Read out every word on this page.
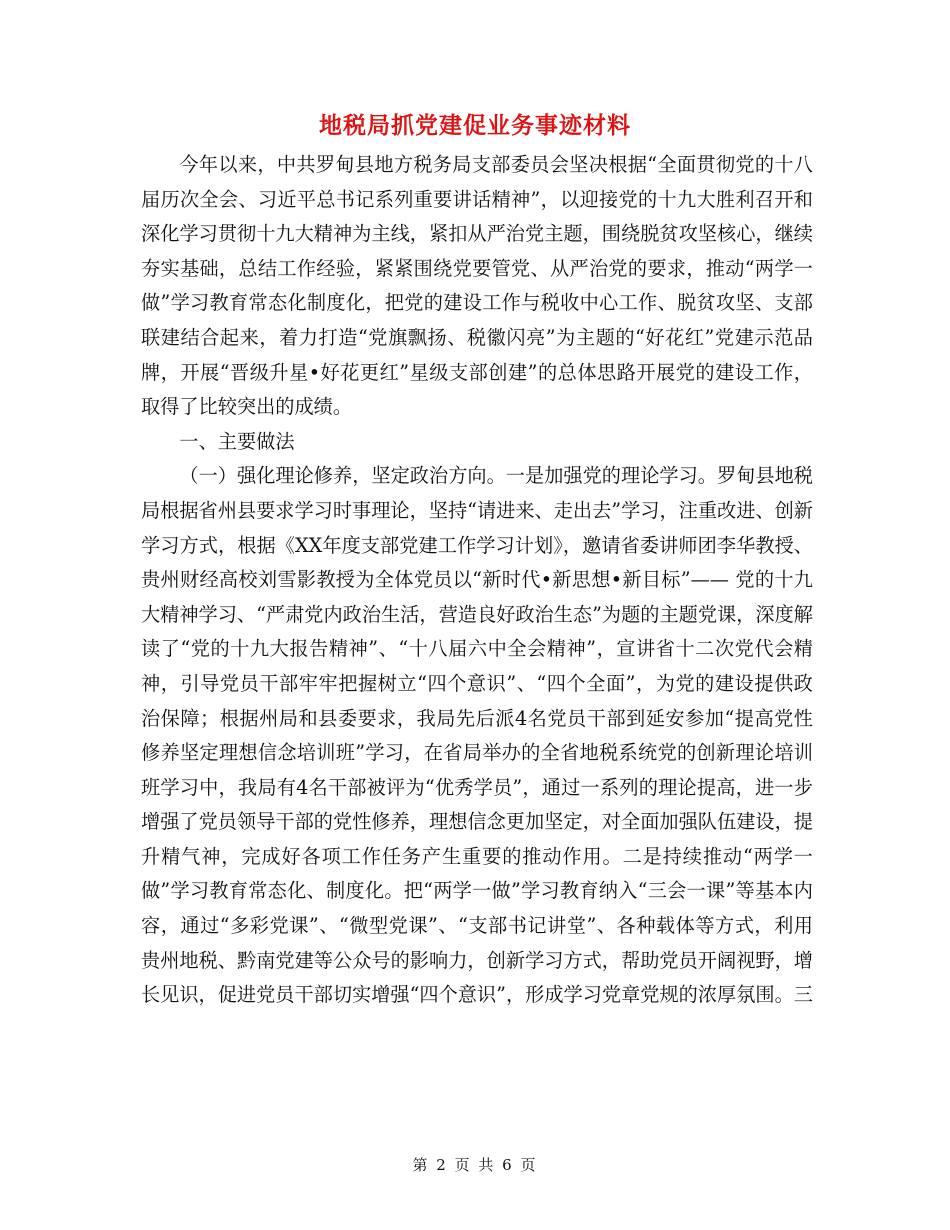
地税局抓党建促业务事迹材料

今年以来，中共罗甸县地方税务局支部委员会坚决根据“全面贯彻党的十八届历次全会、习近平总书记系列重要讲话精神”，以迎接党的十九大胜利召开和深化学习贯彻十九大精神为主线，紧扣从严治党主题，围绕脱贫攻坚核心，继续夯实基础，总结工作经验，紧紧围绕党要管党、从严治党的要求，推动“两学一做”学习教育常态化制度化，把党的建设工作与税收中心工作、脱贫攻坚、支部联建结合起来，着力打造“党旗飘扬、税徽闪亮”为主题的“好花红”党建示范品牌，开展“晋级升星•好花更红”星级支部创建”的总体思路开展党的建设工作，取得了比较突出的成绩。

一、主要做法

（一）强化理论修养，坚定政治方向。一是加强党的理论学习。罗甸县地税局根据省州县要求学习时事理论，坚持“请进来、走出去”学习，注重改进、创新学习方式，根据《XX年度支部党建工作学习计划》，邀请省委讲师团李华教授、贵州财经高校刘雪影教授为全体党员以“新时代•新思想•新目标”—— 党的十九大精神学习、“严肃党内政治生活，营造良好政治生态”为题的主题党课，深度解读了“党的十九大报告精神”、“十八届六中全会精神”，宣讲省十二次党代会精神，引导党员干部牢牢把握树立“四个意识”、“四个全面”，为党的建设提供政治保障；根据州局和县委要求，我局先后派4名党员干部到延安参加“提高党性修养坚定理想信念培训班”学习，在省局举办的全省地税系统党的创新理论培训班学习中，我局有4名干部被评为“优秀学员”，通过一系列的理论提高，进一步增强了党员领导干部的党性修养，理想信念更加坚定，对全面加强队伍建设，提升精气神，完成好各项工作任务产生重要的推动作用。二是持续推动“两学一做”学习教育常态化、制度化。把“两学一做”学习教育纳入“三会一课”等基本内容，通过“多彩党课”、“微型党课”、“支部书记讲堂”、各种载体等方式，利用贵州地税、黔南党建等公众号的影响力，创新学习方式，帮助党员开阔视野，增长见识，促进党员干部切实增强“四个意识”，形成学习党章党规的浓厚氛围。三

第 2 页 共 6 页
